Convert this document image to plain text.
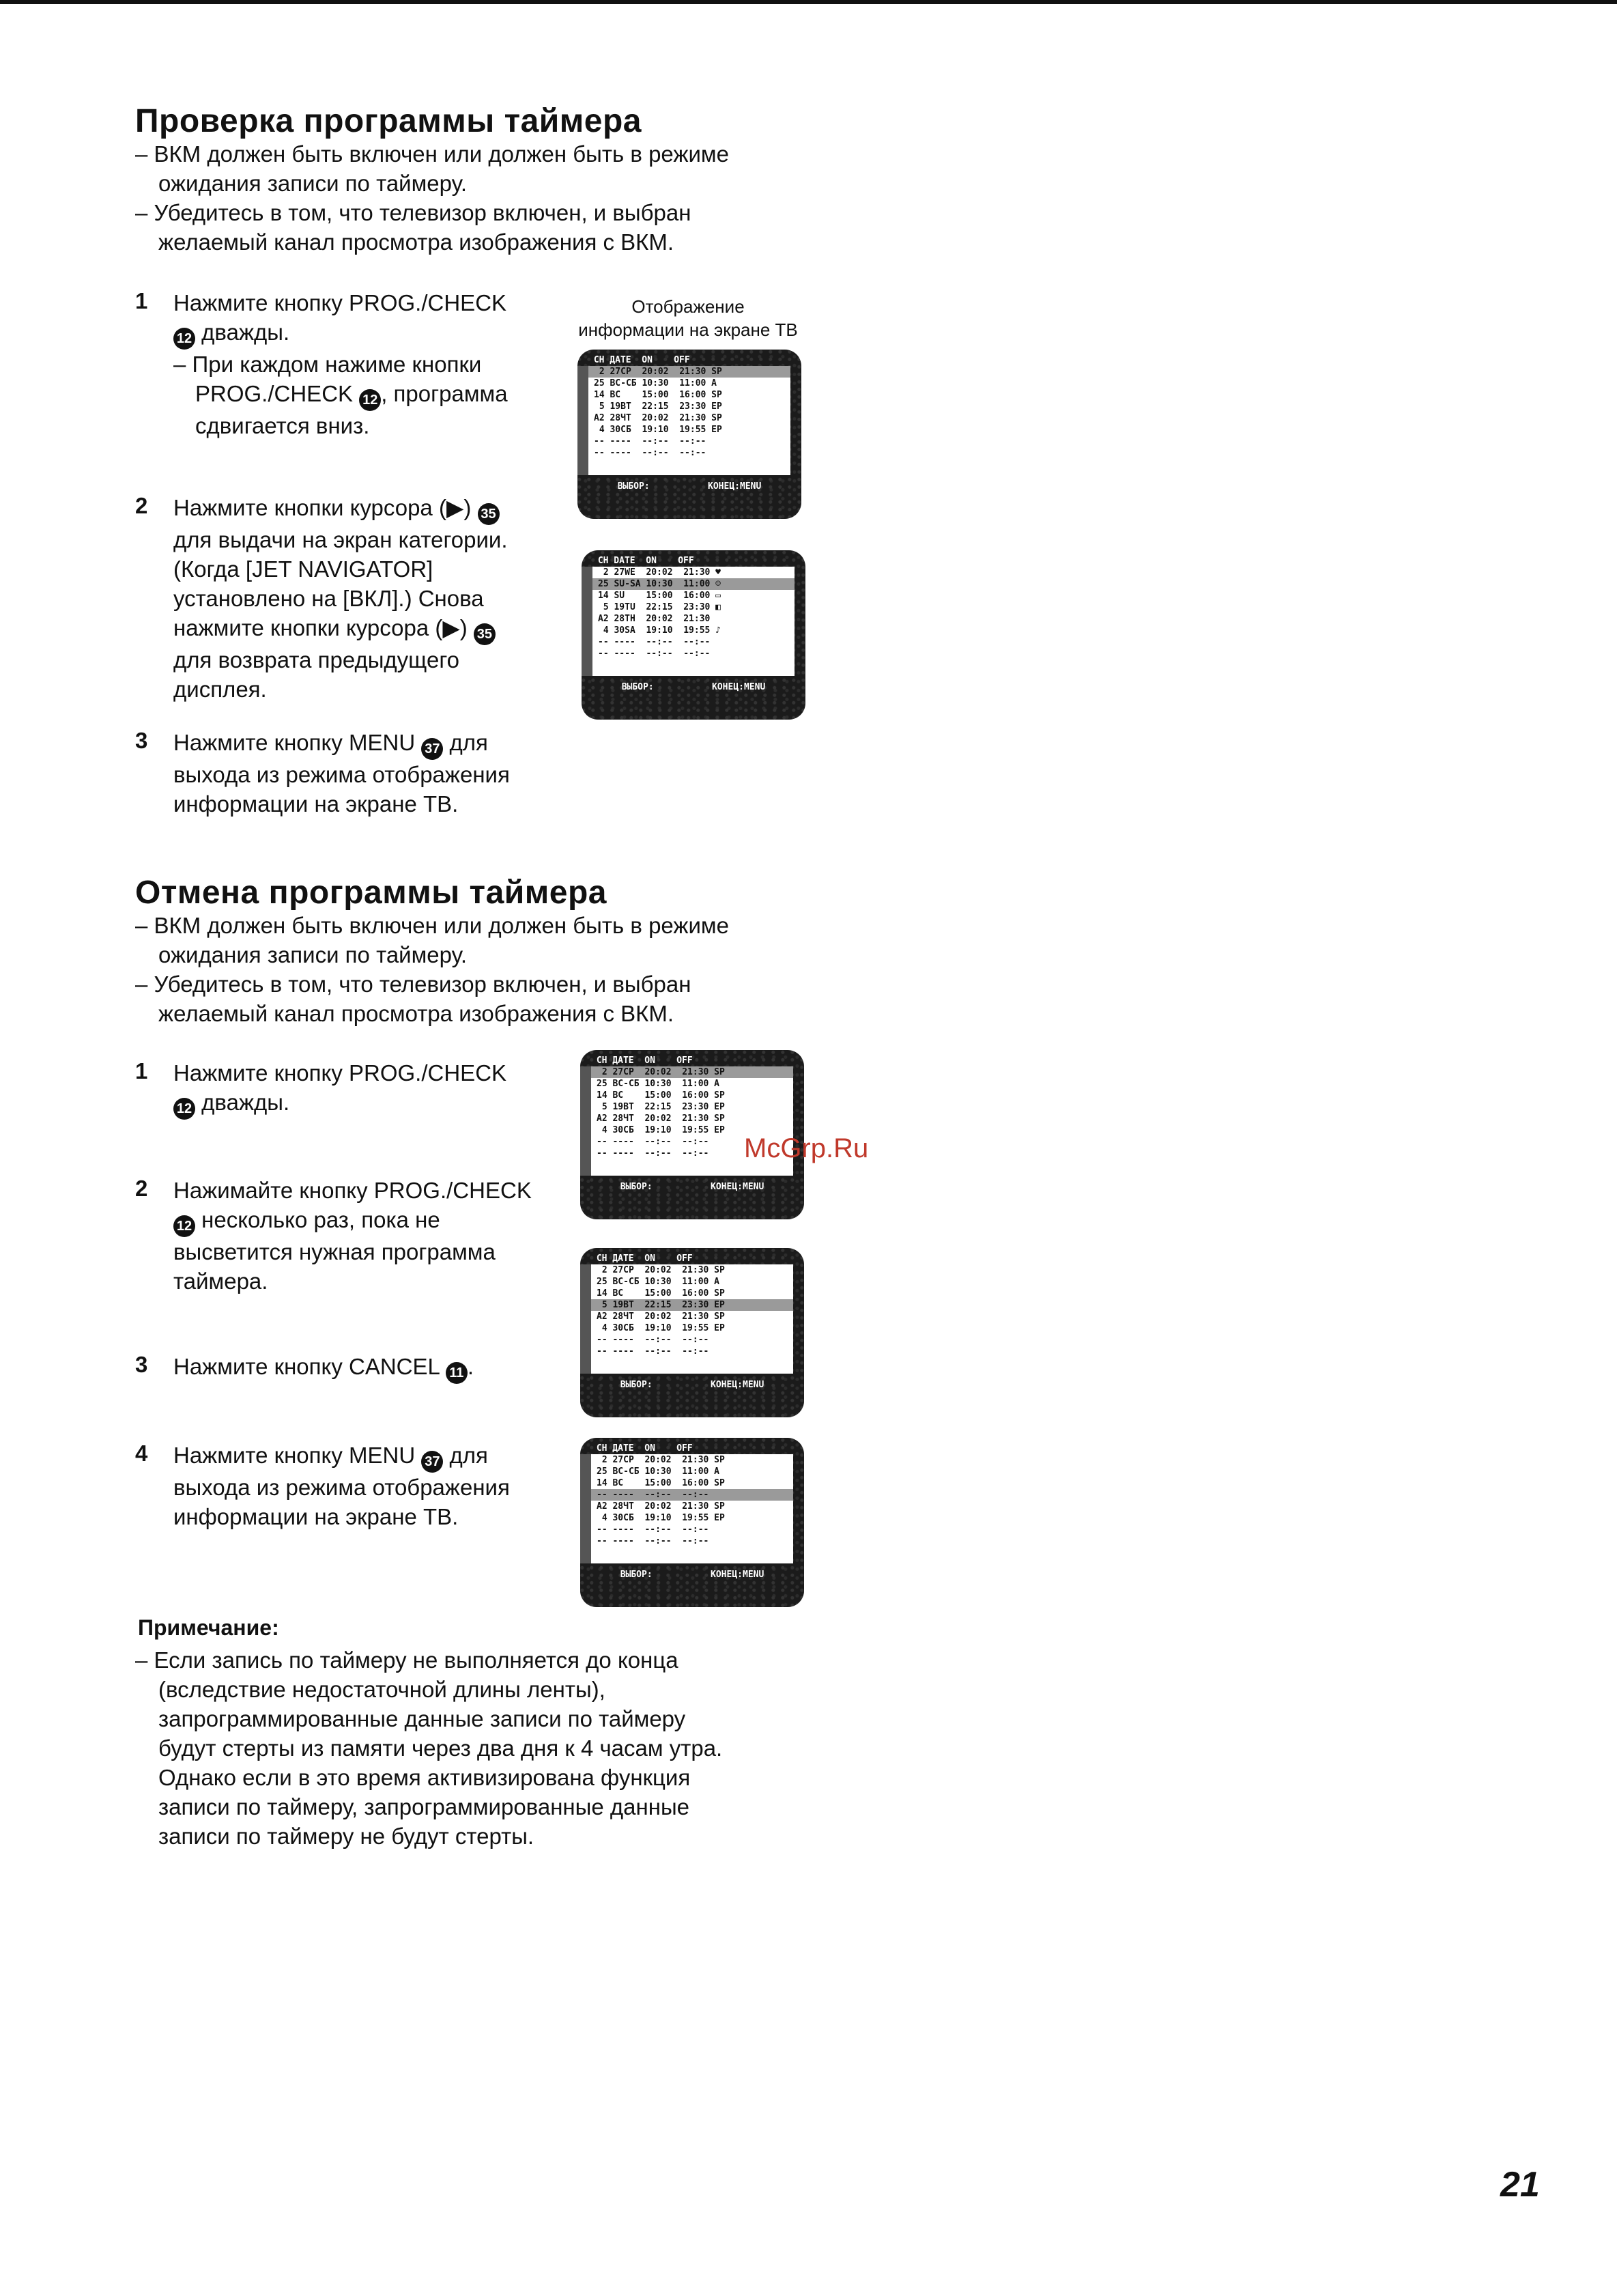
Проверка программы таймера
– ВКМ должен быть включен или должен быть в режиме
ожидания записи по таймеру.
– Убедитесь в том, что телевизор включен, и выбран
желаемый канал просмотра изображения с ВКМ.
Отображение
информации на экране ТВ
1 Нажмите кнопку PROG./CHECK
12 дважды.
– При каждом нажиме кнопки
PROG./CHECK 12 , программа
сдвигается вниз.
CH ДАТЕ  ON    OFF
2 27СР  20:02  21:30 SP
25 ВС-СБ 10:30  11:00 A
14 ВС    15:00  16:00 SP
5 19ВТ  22:15  23:30 EP
A2 28ЧТ  20:02  21:30 SP
4 30СБ  19:10  19:55 EP
-- ----  --:--  --:--
-- ----  --:--  --:--
ВЫБОР:	КОНЕЦ:MENU
2 Нажмите кнопки курсора (▶) 35
для выдачи на экран категории.
(Когда [JET NAVIGATOR]
установлено на [ВКЛ].) Снова
нажмите кнопки курсора (▶) 35
для возврата предыдущего
дисплея.
CH DATE  ON    OFF
2 27WE  20:02  21:30 ♥
25 SU-SA 10:30  11:00 ☺
14 SU    15:00  16:00 ▭
5 19TU  22:15  23:30 ◧
A2 28TH  20:02  21:30
4 30SA  19:10  19:55 ♪
-- ----  --:--  --:--
-- ----  --:--  --:--
ВЫБОР:	КОНЕЦ:MENU
3 Нажмите кнопку MENU 37 для
выхода из режима отображения
информации на экране ТВ.
Отмена программы таймера
– ВКМ должен быть включен или должен быть в режиме
ожидания записи по таймеру.
– Убедитесь в том, что телевизор включен, и выбран
желаемый канал просмотра изображения с ВКМ.
1 Нажмите кнопку PROG./CHECK
12 дважды.
CH ДАТЕ  ON    OFF
2 27СР  20:02  21:30 SP
25 ВС-СБ 10:30  11:00 A
14 ВС    15:00  16:00 SP
5 19ВТ  22:15  23:30 EP
A2 28ЧТ  20:02  21:30 SP
4 30СБ  19:10  19:55 EP
-- ----  --:--  --:--
-- ----  --:--  --:--
ВЫБОР:	КОНЕЦ:MENU
McGrp.Ru
2 Нажимайте кнопку PROG./CHECK
12 несколько раз, пока не
высветится нужная программа
таймера.
CH ДАТЕ  ON    OFF
2 27СР  20:02  21:30 SP
25 ВС-СБ 10:30  11:00 A
14 ВС    15:00  16:00 SP
5 19ВТ  22:15  23:30 EP
A2 28ЧТ  20:02  21:30 SP
4 30СБ  19:10  19:55 EP
-- ----  --:--  --:--
-- ----  --:--  --:--
ВЫБОР:	КОНЕЦ:MENU
3 Нажмите кнопку CANCEL 11 .
4 Нажмите кнопку MENU 37 для
выхода из режима отображения
информации на экране ТВ.
CH ДАТЕ  ON    OFF
2 27СР  20:02  21:30 SP
25 ВС-СБ 10:30  11:00 A
14 ВС    15:00  16:00 SP
-- ----  --:--  --:--
A2 28ЧТ  20:02  21:30 SP
4 30СБ  19:10  19:55 EP
-- ----  --:--  --:--
-- ----  --:--  --:--
ВЫБОР:	КОНЕЦ:MENU
Примечание:
– Если запись по таймеру не выполняется до конца
(вследствие недостаточной длины ленты),
запрограммированные данные записи по таймеру
будут стерты из памяти через два дня к 4 часам утра.
Однако если в это время активизирована функция
записи по таймеру, запрограммированные данные
записи по таймеру не будут стерты.
21
